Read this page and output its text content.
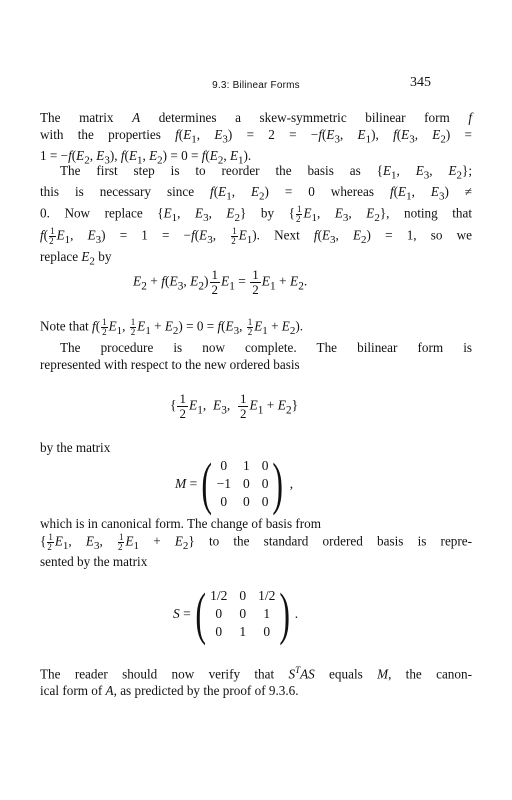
9.3: Bilinear Forms	345
The matrix A determines a skew-symmetric bilinear form f
with the properties $f(E_1$, $E_3) = 2 = -f(E_3$, $E_1$), $f(E_3$, $E_2$) =
$1 = -f(E_2$, $E_3$), $f(E_1$, $E_2) = 0 = f(E_2$, $E_1$).
The first step is to reorder the basis as {$E_1$, $E_3$, $E_2$};
this is necessary since $f(E_1$, $E_2) = 0$ whereas $f(E_1$, $E_3$) ≠
0. Now replace {$E_1$, $E_3$, $E_2$} by { $\frac{1}{2} E_1$, $E_3$, $E_2$}, noting that
$f( \frac{1}{2} E_1$, $E_3) = 1 = -f(E_3$, $\frac{1}{2} E_1$). Next $f(E_3$, $E_2) = 1$, so we
replace $E_2$ by
$E_2 + f(E_3$, $E_2) \frac{1}{2} E_1 = \frac{1}{2} E_1 + E_2$.
Note that $f( \frac{1}{2} E_1$, $\frac{1}{2} E_1 + E_2) = 0 = f(E_3$, $\frac{1}{2} E_1 + E_2$).
The procedure is now complete. The bilinear form is
represented with respect to the new ordered basis
{ $\frac{1}{2} E_1$,  $E_3$, $\frac{1}{2} E_1 + E_2$}
by the matrix
M = ( 0	1	0
−1	0	0
0	0	0 ) ,
which is in canonical form. The change of basis from
{ $\frac{1}{2} E_1$, $E_3$, $\frac{1}{2} E_1 + E_2$} to the standard ordered basis is repre-
sented by the matrix
S = ( 1/2	0	1/2
0	0	1
0	1	0 ) .
The reader should now verify that $S^TAS$ equals M, the canon-
ical form of A, as predicted by the proof of 9.3.6.
